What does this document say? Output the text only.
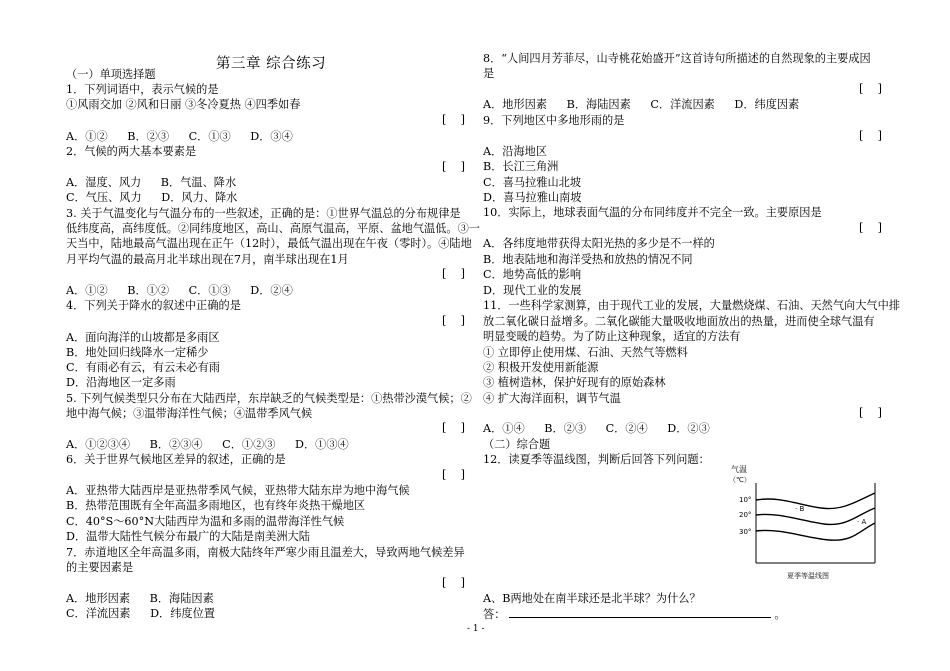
第三章 综合练习
（一）单项选择题
1．下列词语中，表示气候的是
①风雨交加 ②风和日丽 ③冬冷夏热 ④四季如春
[    ]
A．①② B．②③ C．①③ D．③④
2．气候的两大基本要素是
[    ]
A．湿度、风力 B．气温、降水
C．气压、风力 D．风力、降水
3. 关于气温变化与气温分布的一些叙述，正确的是：①世界气温总的分布规律是
低纬度高，高纬度低。②同纬度地区，高山、高原气温高，平原、盆地气温低。③一
天当中，陆地最高气温出现在正午（12时），最低气温出现在午夜（零时）。④陆地
月平均气温的最高月北半球出现在7月，南半球出现在1月
[    ]
A．①② B．①② C．①③ D．②④
4．下列关于降水的叙述中正确的是
[    ]
A．面向海洋的山坡都是多雨区
B．地处回归线降水一定稀少
C．有雨必有云，有云未必有雨
D．沿海地区一定多雨
5. 下列气候类型只分布在大陆西岸，东岸缺乏的气候类型是：①热带沙漠气候；②
地中海气候；③温带海洋性气候；④温带季风气候
[    ]
A．①②③④ B．②③④ C．①②③ D．①③④
6．关于世界气候地区差异的叙述，正确的是
[    ]
A．亚热带大陆西岸是亚热带季风气候，亚热带大陆东岸为地中海气候
B．热带范围既有全年高温多雨地区，也有终年炎热干燥地区
C．40°S～60°N大陆西岸为温和多雨的温带海洋性气候
D．温带大陆性气候分布最广的大陆是南美洲大陆
7．赤道地区全年高温多雨，南极大陆终年严寒少雨且温差大，导致两地气候差异
的主要因素是
[    ]
A．地形因素 B．海陆因素
C．洋流因素 D．纬度位置
8．“人间四月芳菲尽，山寺桃花始盛开”这首诗句所描述的自然现象的主要成因
是
[    ]
A．地形因素 B．海陆因素 C．洋流因素 D．纬度因素
9．下列地区中多地形雨的是
[    ]
A．沿海地区
B．长江三角洲
C．喜马拉雅山北坡
D．喜马拉雅山南坡
10．实际上，地球表面气温的分布同纬度并不完全一致。主要原因是
[    ]
A．各纬度地带获得太阳光热的多少是不一样的
B．地表陆地和海洋受热和放热的情况不同
C．地势高低的影响
D．现代工业的发展
11．一些科学家测算，由于现代工业的发展，大量燃烧煤、石油、天然气向大气中排
放二氧化碳日益增多。二氧化碳能大量吸收地面放出的热量，进而使全球气温有
明显变暖的趋势。为了防止这种现象，适宜的方法有
① 立即停止使用煤、石油、天然气等燃料
② 积极开发使用新能源
③ 植树造林，保护好现有的原始森林
④ 扩大海洋面积，调节气温
[    ]
A．①④ B．②③ C．②④ D．②③
（二）综合题
12．读夏季等温线图，判断后回答下列问题：
A、B两地处在南半球还是北半球？为什么？
答：	。
气温
（℃）
10°
20°
30°
· B
· A
夏季等温线图
- 1 -
